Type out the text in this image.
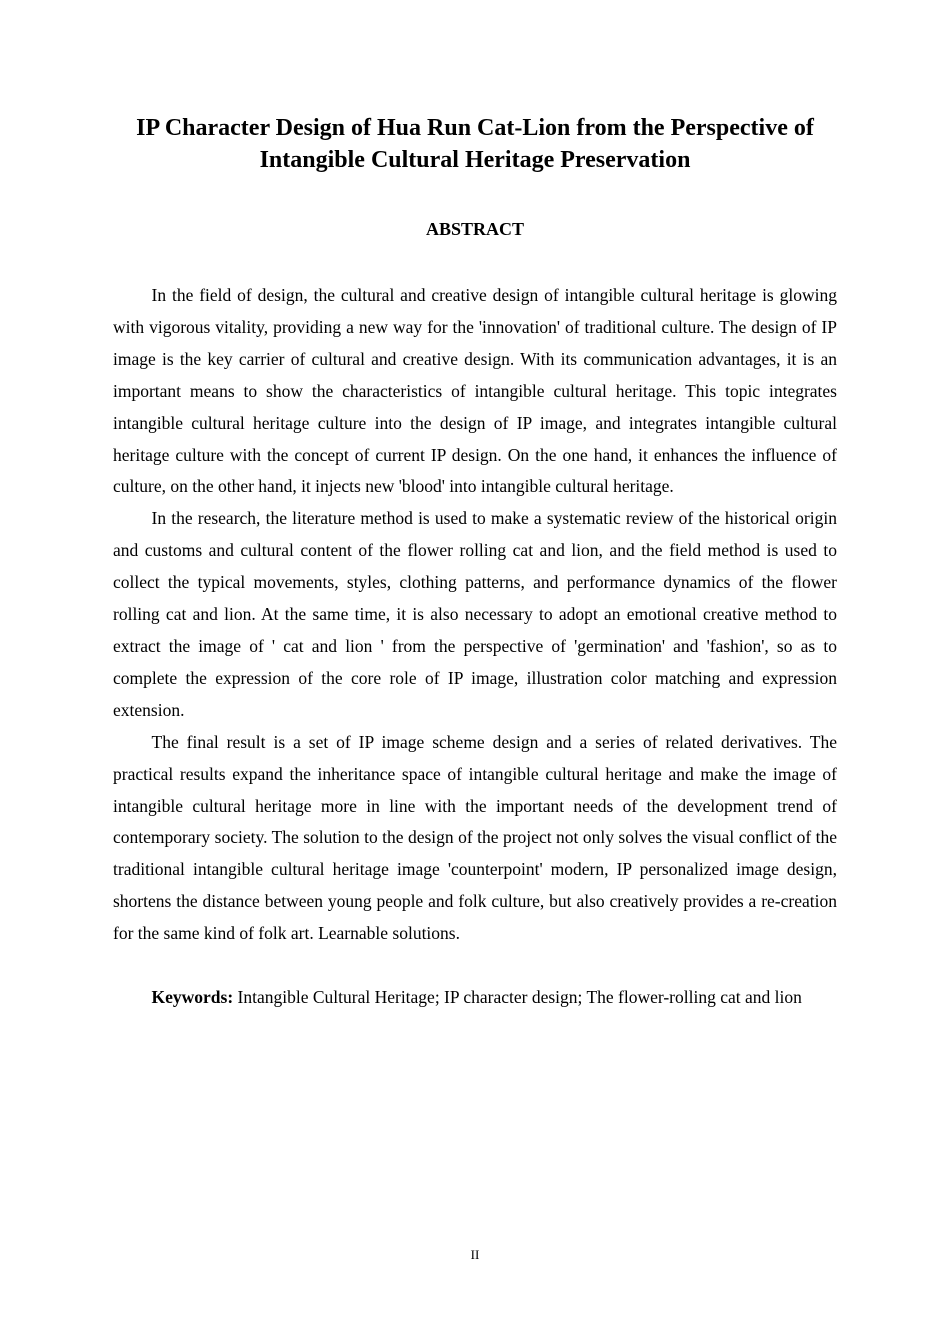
IP Character Design of Hua Run Cat-Lion from the Perspective of
Intangible Cultural Heritage Preservation
ABSTRACT

In the field of design, the cultural and creative design of intangible cultural heritage is glowing with vigorous vitality, providing a new way for the 'innovation' of traditional culture. The design of IP image is the key carrier of cultural and creative design. With its communication advantages, it is an important means to show the characteristics of intangible cultural heritage. This topic integrates intangible cultural heritage culture into the design of IP image, and integrates intangible cultural heritage culture with the concept of current IP design. On the one hand, it enhances the influence of culture, on the other hand, it injects new 'blood' into intangible cultural heritage.

In the research, the literature method is used to make a systematic review of the historical origin and customs and cultural content of the flower rolling cat and lion, and the field method is used to collect the typical movements, styles, clothing patterns, and performance dynamics of the flower rolling cat and lion. At the same time, it is also necessary to adopt an emotional creative method to extract the image of ' cat and lion ' from the perspective of 'germination' and 'fashion', so as to complete the expression of the core role of IP image, illustration color matching and expression extension.

The final result is a set of IP image scheme design and a series of related derivatives. The practical results expand the inheritance space of intangible cultural heritage and make the image of intangible cultural heritage more in line with the important needs of the development trend of contemporary society. The solution to the design of the project not only solves the visual conflict of the traditional intangible cultural heritage image 'counterpoint' modern, IP personalized image design, shortens the distance between young people and folk culture, but also creatively provides a re-creation for the same kind of folk art. Learnable solutions.

Keywords: Intangible Cultural Heritage; IP character design; The flower-rolling cat and lion

II
